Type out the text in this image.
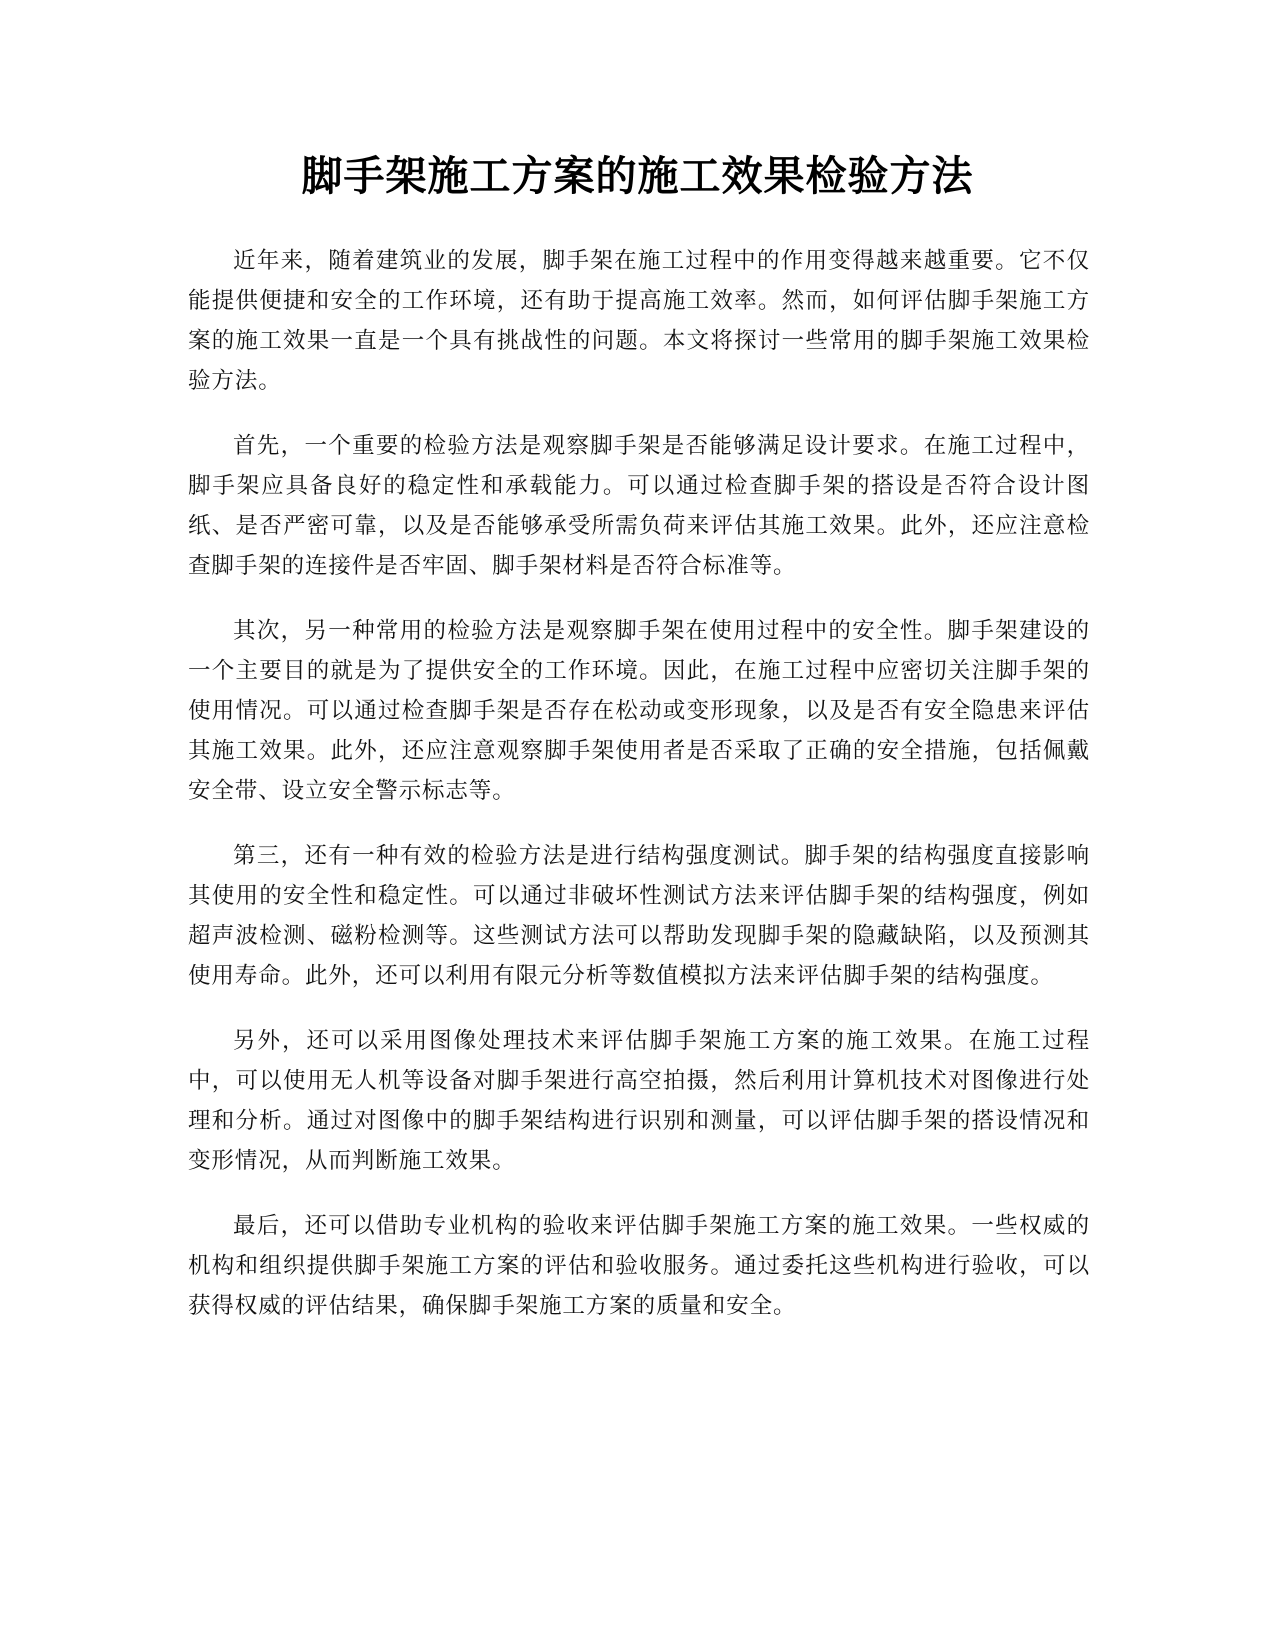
脚手架施工方案的施工效果检验方法

近年来，随着建筑业的发展，脚手架在施工过程中的作用变得越来越重要。它不仅能提供便捷和安全的工作环境，还有助于提高施工效率。然而，如何评估脚手架施工方案的施工效果一直是一个具有挑战性的问题。本文将探讨一些常用的脚手架施工效果检验方法。

首先，一个重要的检验方法是观察脚手架是否能够满足设计要求。在施工过程中，脚手架应具备良好的稳定性和承载能力。可以通过检查脚手架的搭设是否符合设计图纸、是否严密可靠，以及是否能够承受所需负荷来评估其施工效果。此外，还应注意检查脚手架的连接件是否牢固、脚手架材料是否符合标准等。

其次，另一种常用的检验方法是观察脚手架在使用过程中的安全性。脚手架建设的一个主要目的就是为了提供安全的工作环境。因此，在施工过程中应密切关注脚手架的使用情况。可以通过检查脚手架是否存在松动或变形现象，以及是否有安全隐患来评估其施工效果。此外，还应注意观察脚手架使用者是否采取了正确的安全措施，包括佩戴安全带、设立安全警示标志等。

第三，还有一种有效的检验方法是进行结构强度测试。脚手架的结构强度直接影响其使用的安全性和稳定性。可以通过非破坏性测试方法来评估脚手架的结构强度，例如超声波检测、磁粉检测等。这些测试方法可以帮助发现脚手架的隐藏缺陷，以及预测其使用寿命。此外，还可以利用有限元分析等数值模拟方法来评估脚手架的结构强度。

另外，还可以采用图像处理技术来评估脚手架施工方案的施工效果。在施工过程中，可以使用无人机等设备对脚手架进行高空拍摄，然后利用计算机技术对图像进行处理和分析。通过对图像中的脚手架结构进行识别和测量，可以评估脚手架的搭设情况和变形情况，从而判断施工效果。

最后，还可以借助专业机构的验收来评估脚手架施工方案的施工效果。一些权威的机构和组织提供脚手架施工方案的评估和验收服务。通过委托这些机构进行验收，可以获得权威的评估结果，确保脚手架施工方案的质量和安全。
